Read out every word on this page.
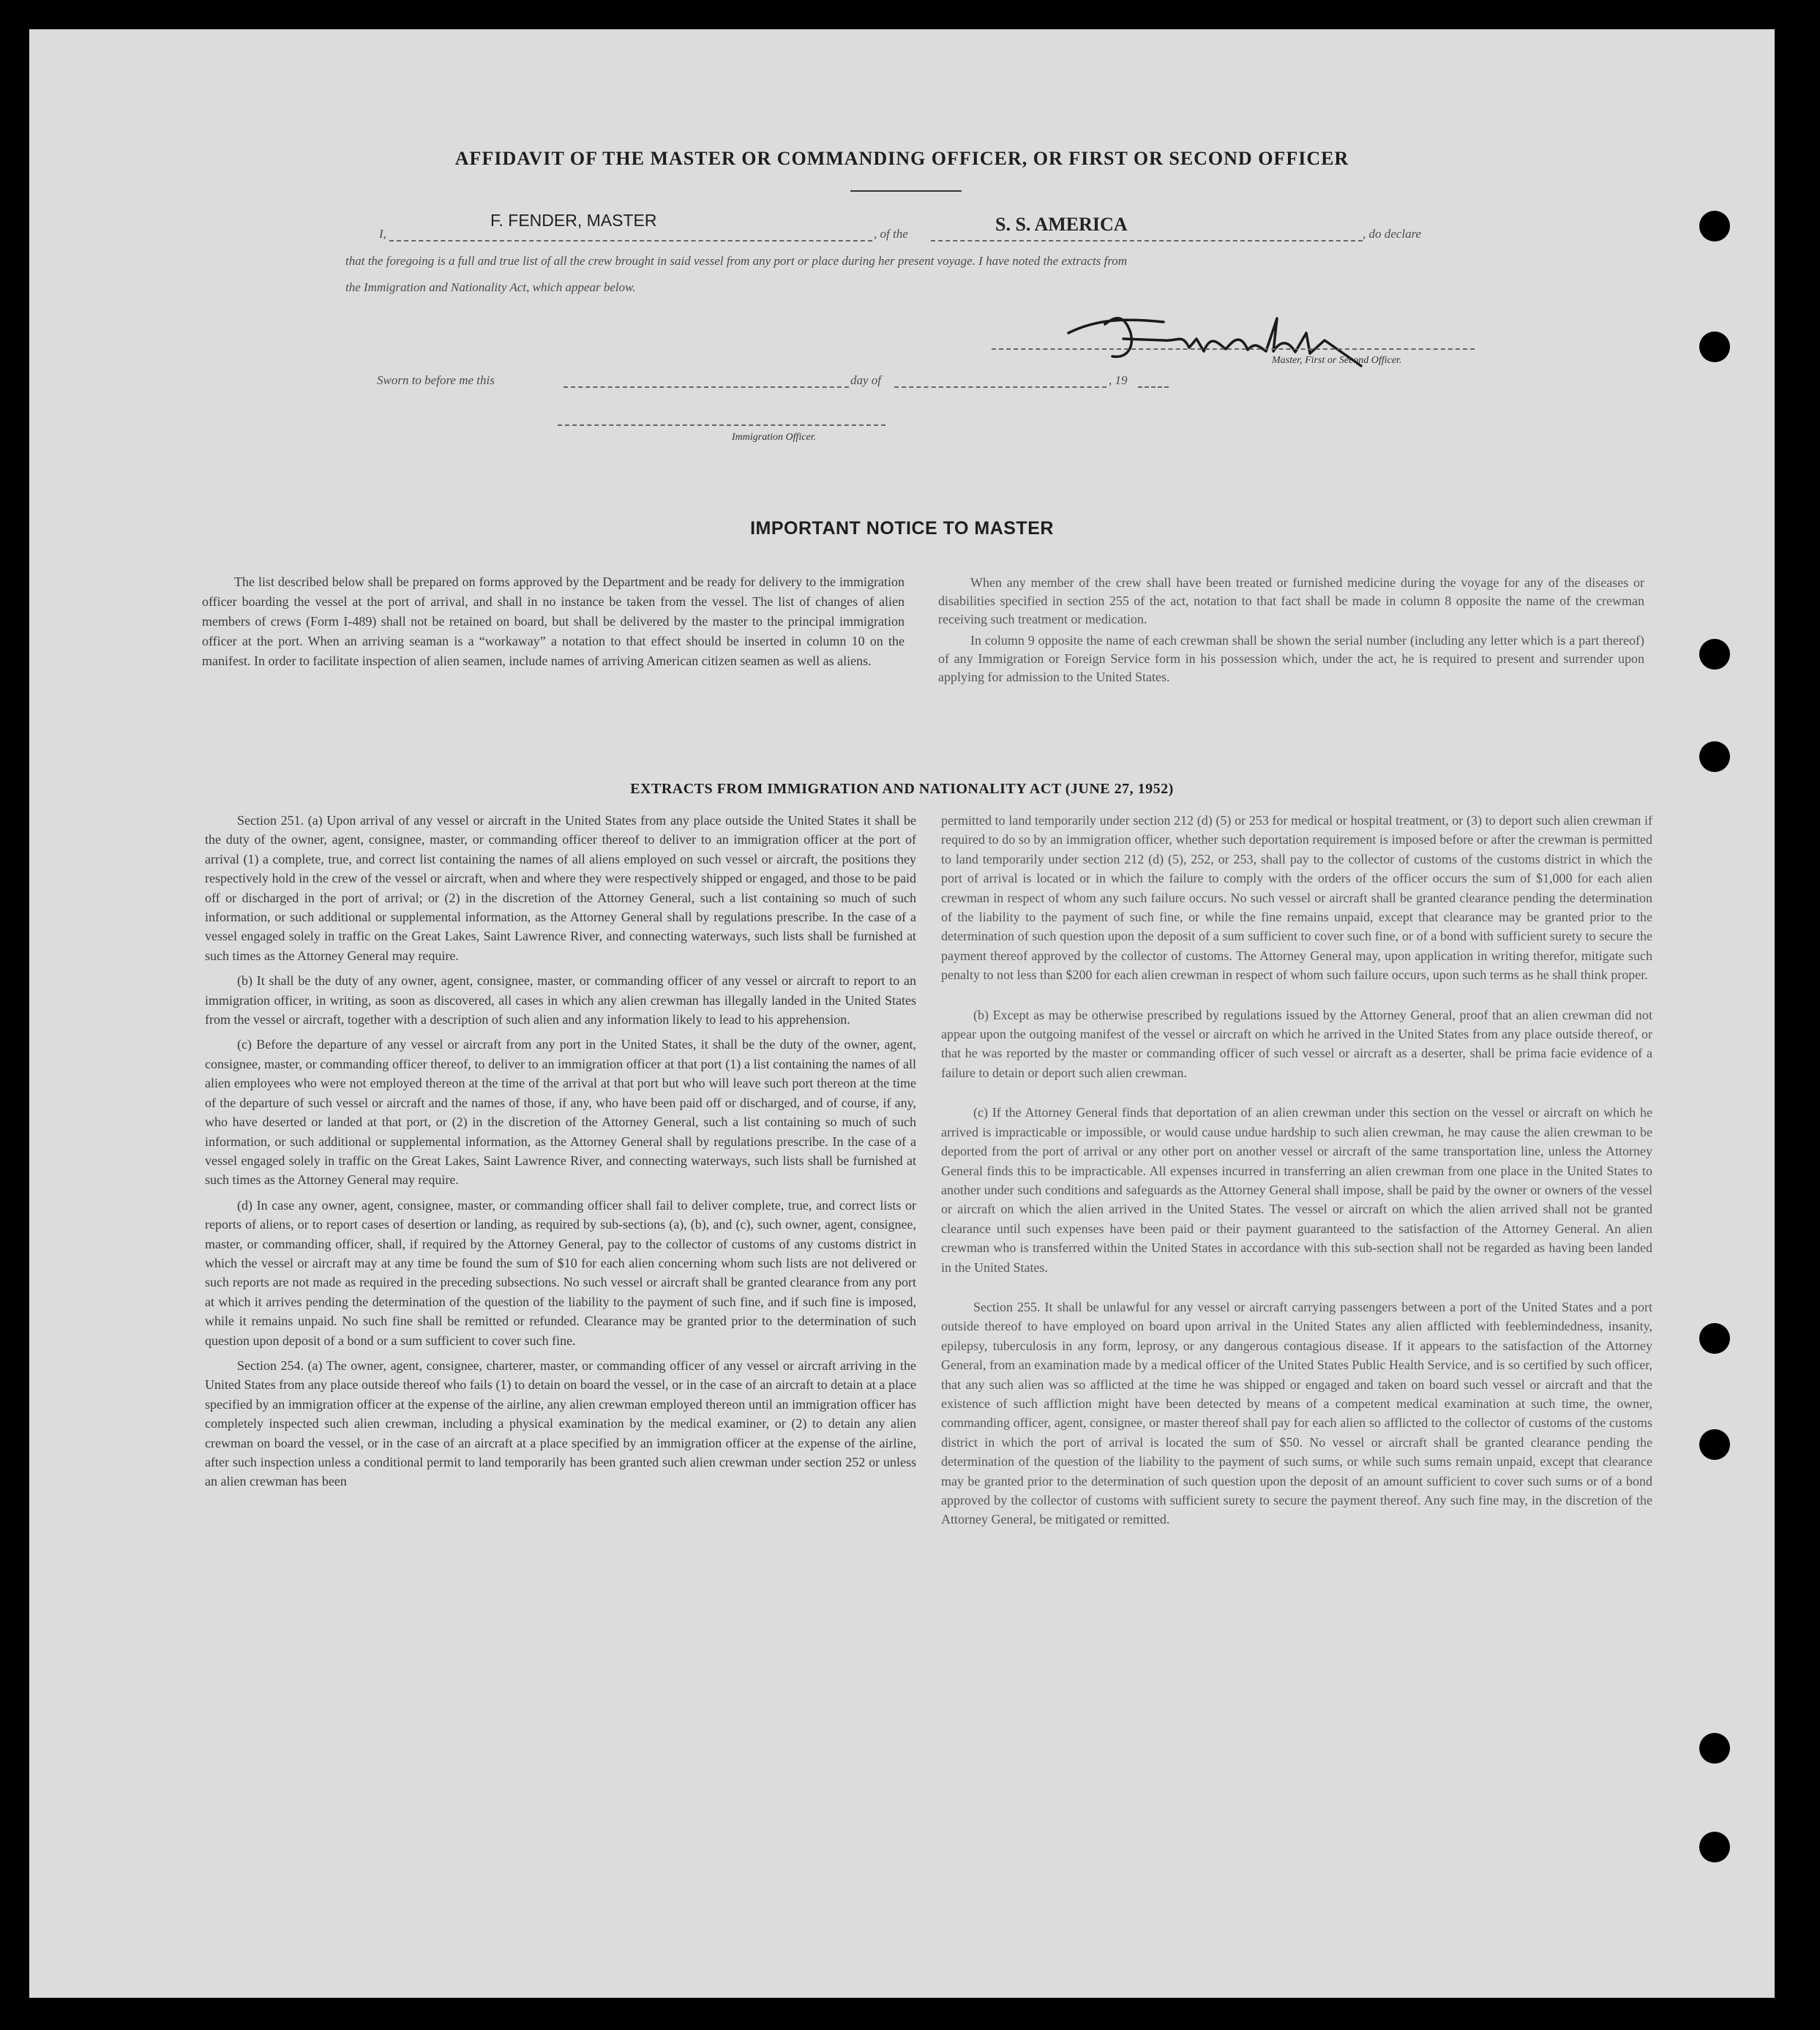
AFFIDAVIT OF THE MASTER OR COMMANDING OFFICER, OR FIRST OR SECOND OFFICER
I,
F. FENDER, MASTER
, of the	S. S. AMERICA	, do declare
that the foregoing is a full and true list of all the crew brought in said vessel from any port or place during her present voyage. I have noted the extracts from
the Immigration and Nationality Act, which appear below.
Master, First or Second Officer.
Sworn to before me this	day of	, 19
Immigration Officer.
IMPORTANT NOTICE TO MASTER

The list described below shall be prepared on forms approved by the Department and be ready for delivery to the immigration officer boarding the vessel at the port of arrival, and shall in no instance be taken from the vessel. The list of changes of alien members of crews (Form I-489) shall not be retained on board, but shall be delivered by the master to the principal immigration officer at the port. When an arriving seaman is a “workaway” a notation to that effect should be inserted in column 10 on the manifest. In order to facilitate inspection of alien seamen, include names of arriving American citizen seamen as well as aliens.

When any member of the crew shall have been treated or furnished medicine during the voyage for any of the diseases or disabilities specified in section 255 of the act, notation to that fact shall be made in column 8 opposite the name of the crewman receiving such treatment or medication.

In column 9 opposite the name of each crewman shall be shown the serial number (including any letter which is a part thereof) of any Immigration or Foreign Service form in his possession which, under the act, he is required to present and surrender upon applying for admission to the United States.

EXTRACTS FROM IMMIGRATION AND NATIONALITY ACT (JUNE 27, 1952)

Section 251. (a) Upon arrival of any vessel or aircraft in the United States from any place outside the United States it shall be the duty of the owner, agent, consignee, master, or commanding officer thereof to deliver to an immigration officer at the port of arrival (1) a complete, true, and correct list containing the names of all aliens employed on such vessel or aircraft, the positions they respectively hold in the crew of the vessel or aircraft, when and where they were respectively shipped or engaged, and those to be paid off or discharged in the port of arrival; or (2) in the discretion of the Attorney General, such a list containing so much of such information, or such additional or supplemental information, as the Attorney General shall by regulations prescribe. In the case of a vessel engaged solely in traffic on the Great Lakes, Saint Lawrence River, and connecting waterways, such lists shall be furnished at such times as the Attorney General may require.

(b) It shall be the duty of any owner, agent, consignee, master, or commanding officer of any vessel or aircraft to report to an immigration officer, in writing, as soon as discovered, all cases in which any alien crewman has illegally landed in the United States from the vessel or aircraft, together with a description of such alien and any information likely to lead to his apprehension.

(c) Before the departure of any vessel or aircraft from any port in the United States, it shall be the duty of the owner, agent, consignee, master, or commanding officer thereof, to deliver to an immigration officer at that port (1) a list containing the names of all alien employees who were not employed thereon at the time of the arrival at that port but who will leave such port thereon at the time of the departure of such vessel or aircraft and the names of those, if any, who have been paid off or discharged, and of course, if any, who have deserted or landed at that port, or (2) in the discretion of the Attorney General, such a list containing so much of such information, or such additional or supplemental information, as the Attorney General shall by regulations prescribe. In the case of a vessel engaged solely in traffic on the Great Lakes, Saint Lawrence River, and connecting waterways, such lists shall be furnished at such times as the Attorney General may require.

(d) In case any owner, agent, consignee, master, or commanding officer shall fail to deliver complete, true, and correct lists or reports of aliens, or to report cases of desertion or landing, as required by sub-sections (a), (b), and (c), such owner, agent, consignee, master, or commanding officer, shall, if required by the Attorney General, pay to the collector of customs of any customs district in which the vessel or aircraft may at any time be found the sum of $10 for each alien concerning whom such lists are not delivered or such reports are not made as required in the preceding subsections. No such vessel or aircraft shall be granted clearance from any port at which it arrives pending the determination of the question of the liability to the payment of such fine, and if such fine is imposed, while it remains unpaid. No such fine shall be remitted or refunded. Clearance may be granted prior to the determination of such question upon deposit of a bond or a sum sufficient to cover such fine.

Section 254. (a) The owner, agent, consignee, charterer, master, or commanding officer of any vessel or aircraft arriving in the United States from any place outside thereof who fails (1) to detain on board the vessel, or in the case of an aircraft to detain at a place specified by an immigration officer at the expense of the airline, any alien crewman employed thereon until an immigration officer has completely inspected such alien crewman, including a physical examination by the medical examiner, or (2) to detain any alien crewman on board the vessel, or in the case of an aircraft at a place specified by an immigration officer at the expense of the airline, after such inspection unless a conditional permit to land temporarily has been granted such alien crewman under section 252 or unless an alien crewman has been

permitted to land temporarily under section 212 (d) (5) or 253 for medical or hospital treatment, or (3) to deport such alien crewman if required to do so by an immigration officer, whether such deportation requirement is imposed before or after the crewman is permitted to land temporarily under section 212 (d) (5), 252, or 253, shall pay to the collector of customs of the customs district in which the port of arrival is located or in which the failure to comply with the orders of the officer occurs the sum of $1,000 for each alien crewman in respect of whom any such failure occurs. No such vessel or aircraft shall be granted clearance pending the determination of the liability to the payment of such fine, or while the fine remains unpaid, except that clearance may be granted prior to the determination of such question upon the deposit of a sum sufficient to cover such fine, or of a bond with sufficient surety to secure the payment thereof approved by the collector of customs. The Attorney General may, upon application in writing therefor, mitigate such penalty to not less than $200 for each alien crewman in respect of whom such failure occurs, upon such terms as he shall think proper.

(b) Except as may be otherwise prescribed by regulations issued by the Attorney General, proof that an alien crewman did not appear upon the outgoing manifest of the vessel or aircraft on which he arrived in the United States from any place outside thereof, or that he was reported by the master or commanding officer of such vessel or aircraft as a deserter, shall be prima facie evidence of a failure to detain or deport such alien crewman.

(c) If the Attorney General finds that deportation of an alien crewman under this section on the vessel or aircraft on which he arrived is impracticable or impossible, or would cause undue hardship to such alien crewman, he may cause the alien crewman to be deported from the port of arrival or any other port on another vessel or aircraft of the same transportation line, unless the Attorney General finds this to be impracticable. All expenses incurred in transferring an alien crewman from one place in the United States to another under such conditions and safeguards as the Attorney General shall impose, shall be paid by the owner or owners of the vessel or aircraft on which the alien arrived in the United States. The vessel or aircraft on which the alien arrived shall not be granted clearance until such expenses have been paid or their payment guaranteed to the satisfaction of the Attorney General. An alien crewman who is transferred within the United States in accordance with this sub-section shall not be regarded as having been landed in the United States.

Section 255. It shall be unlawful for any vessel or aircraft carrying passengers between a port of the United States and a port outside thereof to have employed on board upon arrival in the United States any alien afflicted with feeblemindedness, insanity, epilepsy, tuberculosis in any form, leprosy, or any dangerous contagious disease. If it appears to the satisfaction of the Attorney General, from an examination made by a medical officer of the United States Public Health Service, and is so certified by such officer, that any such alien was so afflicted at the time he was shipped or engaged and taken on board such vessel or aircraft and that the existence of such affliction might have been detected by means of a competent medical examination at such time, the owner, commanding officer, agent, consignee, or master thereof shall pay for each alien so afflicted to the collector of customs of the customs district in which the port of arrival is located the sum of $50. No vessel or aircraft shall be granted clearance pending the determination of the question of the liability to the payment of such sums, or while such sums remain unpaid, except that clearance may be granted prior to the determination of such question upon the deposit of an amount sufficient to cover such sums or of a bond approved by the collector of customs with sufficient surety to secure the payment thereof. Any such fine may, in the discretion of the Attorney General, be mitigated or remitted.
